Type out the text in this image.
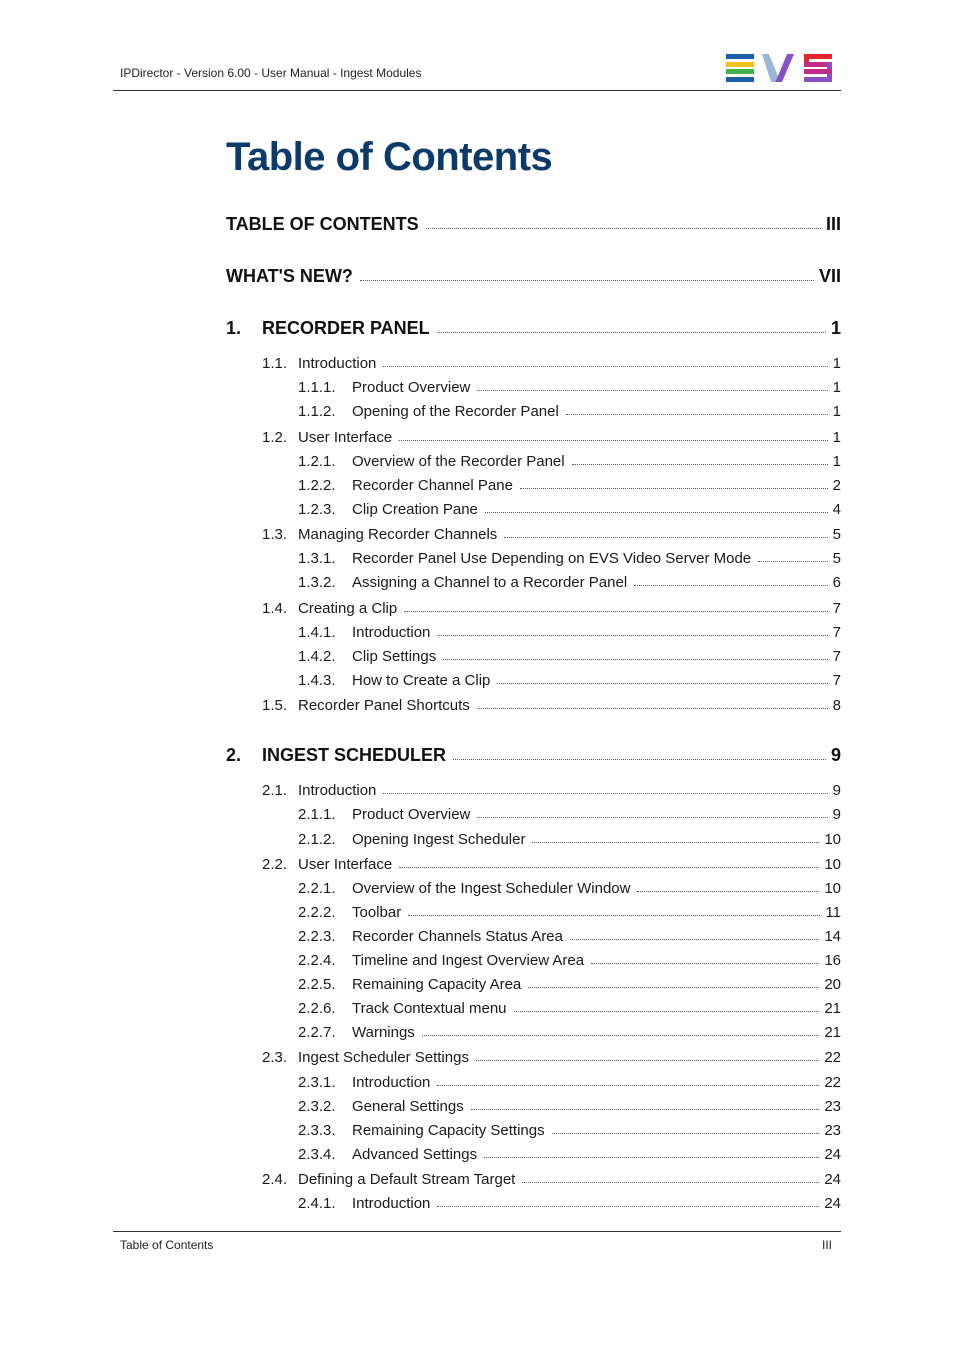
IPDirector - Version 6.00 - User Manual - Ingest Modules
Table of Contents
TABLE OF CONTENTS	III
WHAT'S NEW?	VII
1.	RECORDER PANEL	1
1.1. Introduction	1
1.1.1.	Product Overview	1
1.1.2.	Opening of the Recorder Panel	1
1.2. User Interface	1
1.2.1.	Overview of the Recorder Panel	1
1.2.2.	Recorder Channel Pane	2
1.2.3.	Clip Creation Pane	4
1.3. Managing Recorder Channels	5
1.3.1.	Recorder Panel Use Depending on EVS Video Server Mode	5
1.3.2.	Assigning a Channel to a Recorder Panel	6
1.4. Creating a Clip	7
1.4.1.	Introduction	7
1.4.2.	Clip Settings	7
1.4.3.	How to Create a Clip	7
1.5. Recorder Panel Shortcuts	8
2.	INGEST SCHEDULER	9
2.1. Introduction	9
2.1.1.	Product Overview	9
2.1.2.	Opening Ingest Scheduler	10
2.2. User Interface	10
2.2.1.	Overview of the Ingest Scheduler Window	10
2.2.2.	Toolbar	11
2.2.3.	Recorder Channels Status Area	14
2.2.4.	Timeline and Ingest Overview Area	16
2.2.5.	Remaining Capacity Area	20
2.2.6.	Track Contextual menu	21
2.2.7.	Warnings	21
2.3. Ingest Scheduler Settings	22
2.3.1.	Introduction	22
2.3.2.	General Settings	23
2.3.3.	Remaining Capacity Settings	23
2.3.4.	Advanced Settings	24
2.4. Defining a Default Stream Target	24
2.4.1.	Introduction	24
Table of Contents	III
